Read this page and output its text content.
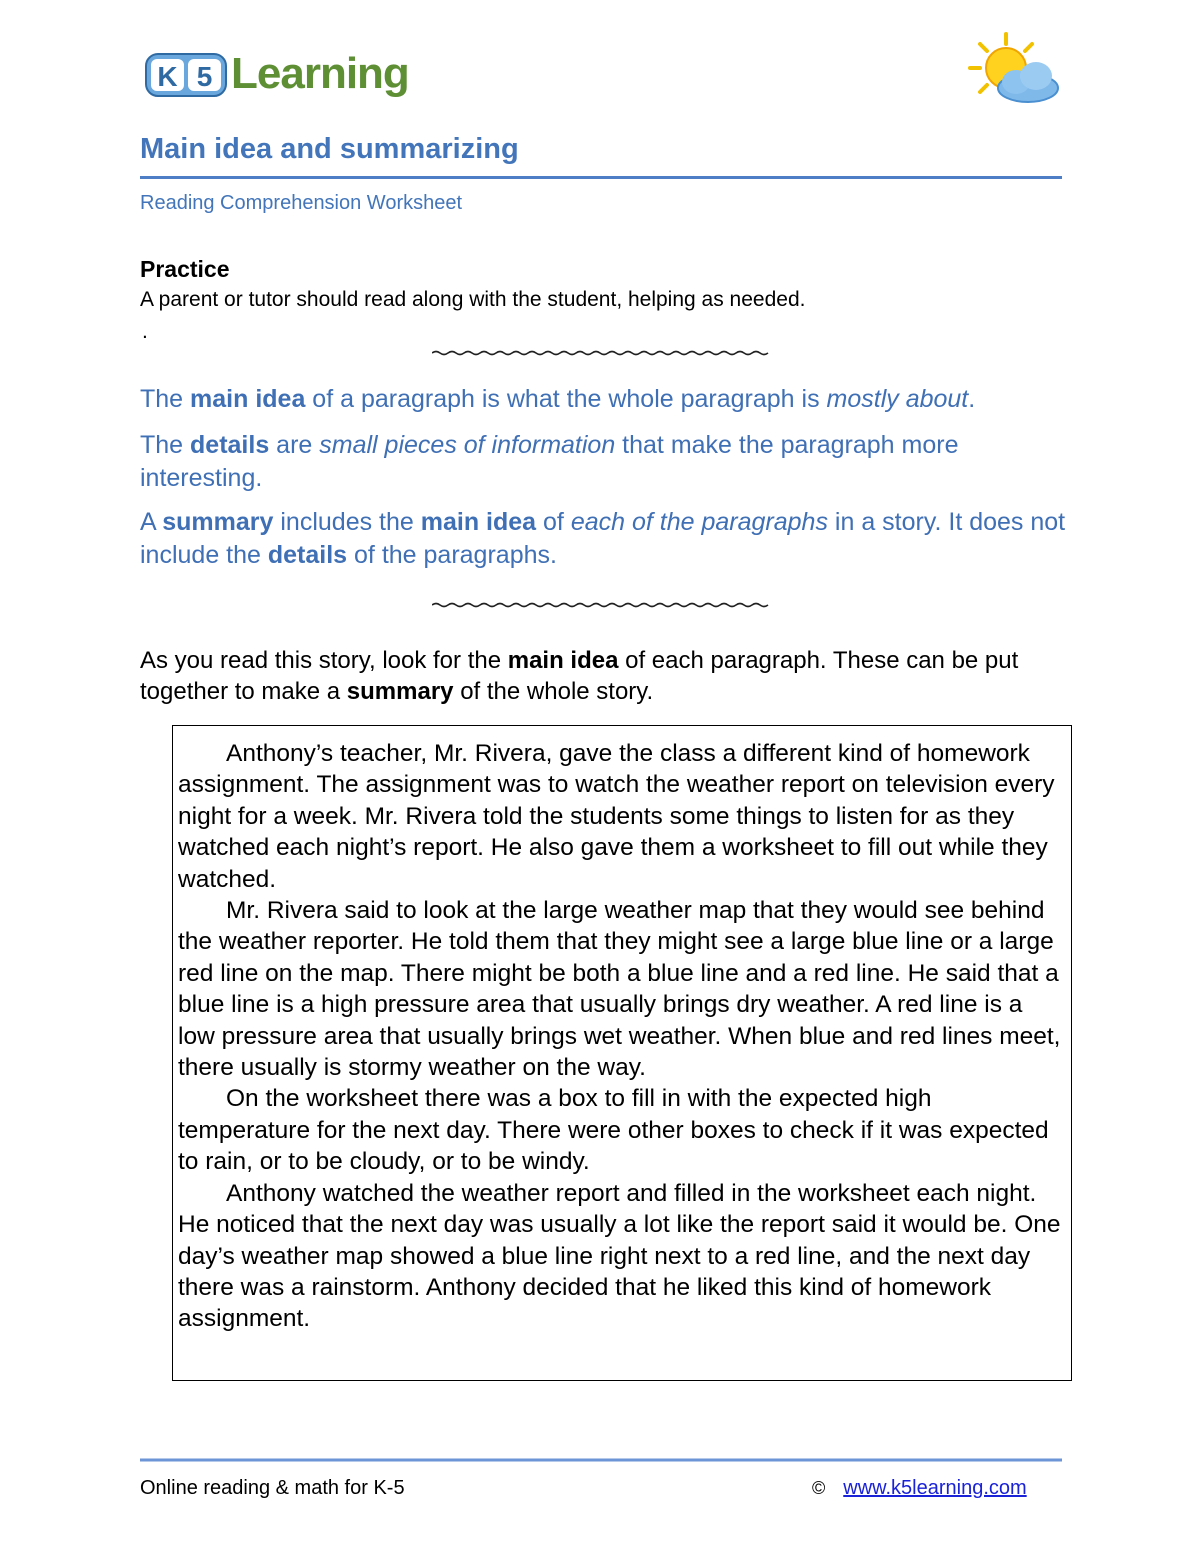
K 5 Learning
Main idea and summarizing
Reading Comprehension Worksheet
Practice
A parent or tutor should read along with the student, helping as needed.
.

The main idea of a paragraph is what the whole paragraph is mostly about.

The details are small pieces of information that make the paragraph more interesting.

A summary includes the main idea of each of the paragraphs in a story. It does not include the details of the paragraphs.

As you read this story, look for the main idea of each paragraph. These can be put together to make a summary of the whole story.

Anthony’s teacher, Mr. Rivera, gave the class a different kind of homework assignment. The assignment was to watch the weather report on television every night for a week. Mr. Rivera told the students some things to listen for as they watched each night’s report. He also gave them a worksheet to fill out while they watched.

Mr. Rivera said to look at the large weather map that they would see behind the weather reporter. He told them that they might see a large blue line or a large red line on the map. There might be both a blue line and a red line. He said that a blue line is a high pressure area that usually brings dry weather. A red line is a low pressure area that usually brings wet weather. When blue and red lines meet, there usually is stormy weather on the way.

On the worksheet there was a box to fill in with the expected high temperature for the next day. There were other boxes to check if it was expected to rain, or to be cloudy, or to be windy.

Anthony watched the weather report and filled in the worksheet each night. He noticed that the next day was usually a lot like the report said it would be. One day’s weather map showed a blue line right next to a red line, and the next day there was a rainstorm. Anthony decided that he liked this kind of homework assignment.

Online reading & math for K-5	© www.k5learning.com
